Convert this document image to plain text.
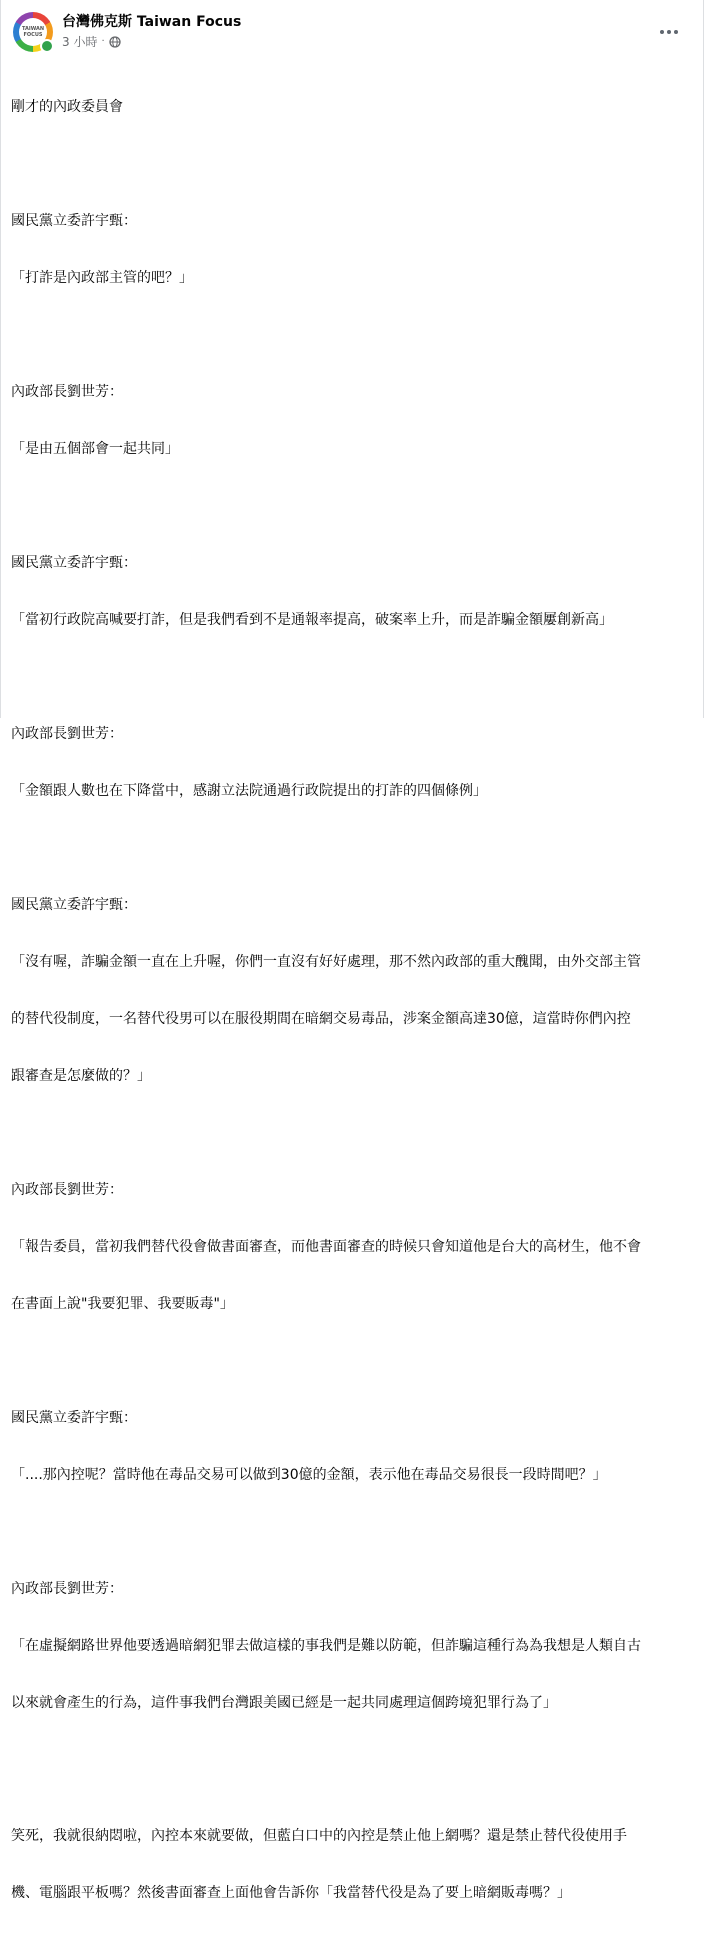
TAIWAN
FOCUS
台灣佛克斯 Taiwan Focus
3 小時 ·

剛才的內政委員會

國民黨立委許宇甄：

「打詐是內政部主管的吧？」

內政部長劉世芳：

「是由五個部會一起共同」

國民黨立委許宇甄：

「當初行政院高喊要打詐，但是我們看到不是通報率提高，破案率上升，而是詐騙金額屢創新高」

內政部長劉世芳：

「金額跟人數也在下降當中，感謝立法院通過行政院提出的打詐的四個條例」

國民黨立委許宇甄：

「沒有喔，詐騙金額一直在上升喔，你們一直沒有好好處理，那不然內政部的重大醜聞，由外交部主管

的替代役制度，一名替代役男可以在服役期間在暗網交易毒品，涉案金額高達30億，這當時你們內控

跟審查是怎麼做的？」

內政部長劉世芳：

「報告委員，當初我們替代役會做書面審查，而他書面審查的時候只會知道他是台大的高材生，他不會

在書面上說"我要犯罪、我要販毒"」

國民黨立委許宇甄：

「....那內控呢？當時他在毒品交易可以做到30億的金額，表示他在毒品交易很長一段時間吧？」

內政部長劉世芳：

「在虛擬網路世界他要透過暗網犯罪去做這樣的事我們是難以防範，但詐騙這種行為為我想是人類自古

以來就會產生的行為，這件事我們台灣跟美國已經是一起共同處理這個跨境犯罪行為了」

笑死，我就很納悶啦，內控本來就要做，但藍白口中的內控是禁止他上網嗎？還是禁止替代役使用手

機、電腦跟平板嗎？然後書面審查上面他會告訴你「我當替代役是為了要上暗網販毒嗎？」
